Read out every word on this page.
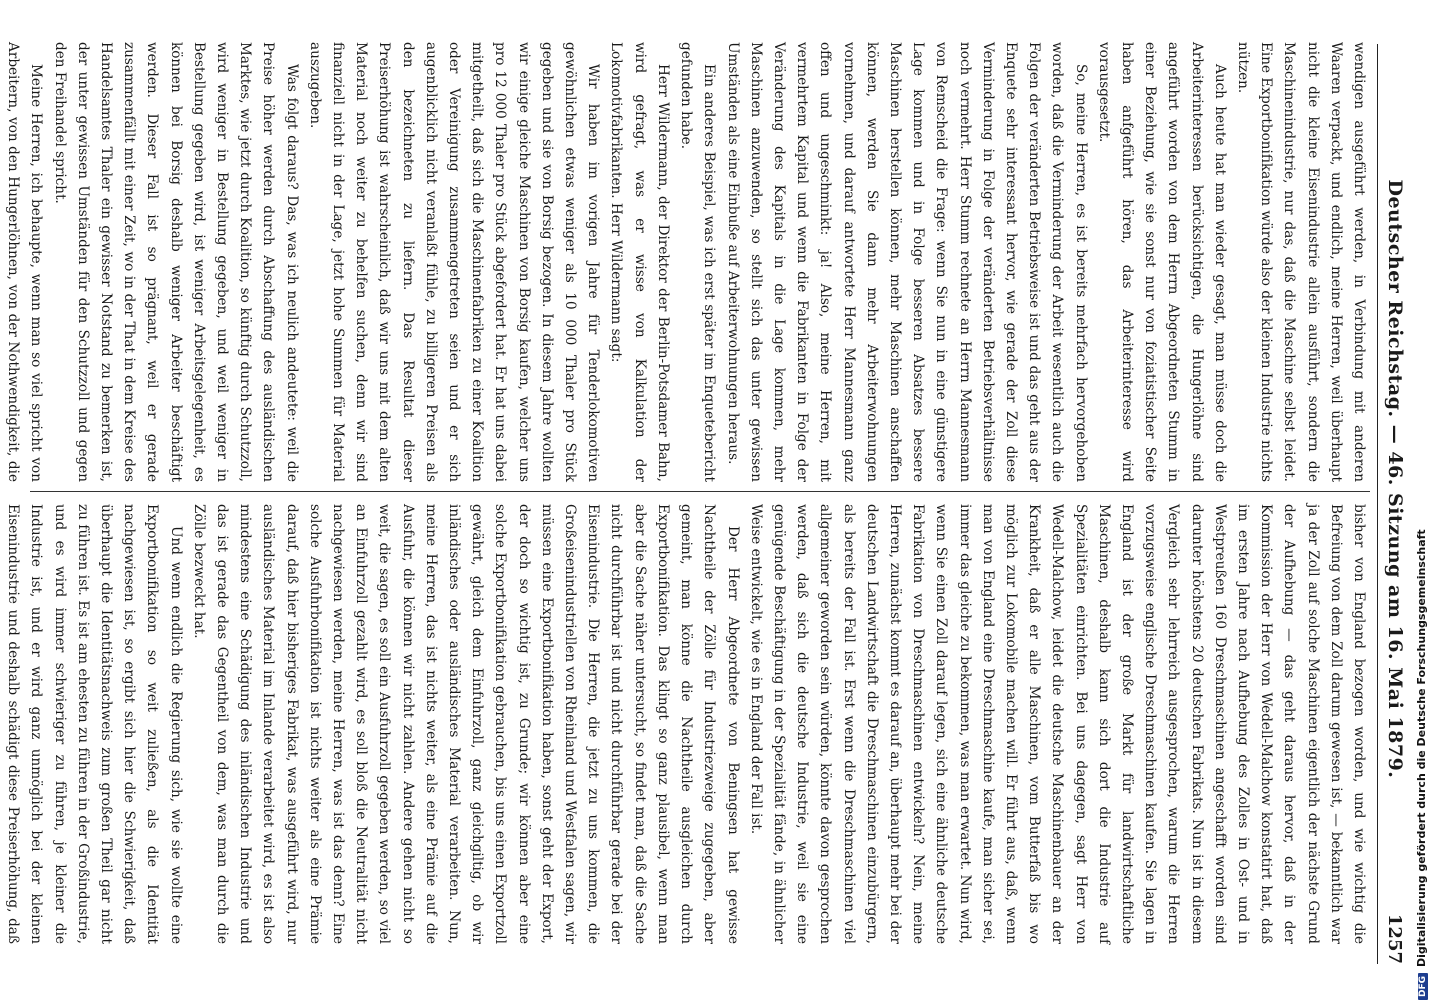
Deutscher Reichstag. — 46. Sitzung am 16. Mai 1879.
1257

wendigen ausgeführt werden, in Verbindung mit anderen Waaren verpackt, und endlich, meine Herren, weil überhaupt nicht die kleine Eisenindustrie allein ausführt, sondern die Maschinenindustrie, nur das, daß die Maschine selbst leidet. Eine Exportbonifikation würde also der kleinen Industrie nichts nützen.

Auch heute hat man wieder gesagt, man müsse doch die Arbeiterinteressen berücksichtigen, die Hungerlöhne sind angeführt worden von dem Herrn Abgeordneten Stumm in einer Beziehung, wie sie sonst nur von foziatistischer Seite haben anfgeführt hören, das Arbeiterinteresse wird vorausgesetzt.

So, meine Herren, es ist bereits mehrfach hervorgehoben worden, daß die Verminderung der Arbeit wesentlich auch die Folgen der veränderten Betriebsweise ist und das geht aus der Enquete sehr interessant hervor, wie gerade der Zoll diese Verminderung in Folge der veränderten Betriebsverhältnisse noch vermehrt. Herr Stumm rechnete an Herrn Mannesmann von Remscheid die Frage: wenn Sie nun in eine günstigere Lage kommen und in Folge besseren Absatzes bessere Maschinen herstellen können, mehr Maschinen anschaffen können, werden Sie dann mehr Arbeiterwohnungen vornehmen, und darauf antwortete Herr Mannesmann ganz offen und ungeschminkt: ja! Also, meine Herren, mit vermehrtem Kapital und wenn die Fabrikanten in Folge der Veränderung des Kapitals in die Lage kommen, mehr Maschinen anzuwenden, so stellt sich das unter gewissen Umständen als eine Einbuße auf Arbeiterwohnungen heraus.

Ein anderes Beispiel, was ich erst später im Enquetebericht gefunden habe.

Herr Wildermann, der Direktor der Berlin-Potsdamer Bahn, wird gefragt, was er wisse von Kalkulation der Lokomotivfabrikanten. Herr Wildermann sagt:

Wir haben im vorigen Jahre für Tenderlokomotiven gewöhnlichen etwas weniger als 10 000 Thaler pro Stück gegeben und sie von Borsig bezogen. In diesem Jahre wollten wir einige gleiche Maschinen von Borsig kaufen, welcher uns pro 12 000 Thaler pro Stück abgefordert hat. Er hat uns dabei mitgetheilt, daß sich die Maschinenfabriken zu einer Koalition oder Vereinigung zusammengetreten seien und er sich augenblicklich nicht veranlaßt fühle, zu billigeren Preisen als den bezeichneten zu liefern. Das Resultat dieser Preiserhöhung ist wahrscheinlich, daß wir uns mit dem alten Material noch weiter zu behelfen suchen, denn wir sind finanziell nicht in der Lage, jetzt hohe Summen für Material auszugeben.

Was folgt daraus? Das, was ich neulich andeutete: weil die Preise höher werden durch Abschaffung des ausländischen Marktes, wie jetzt durch Koalition, so künftig durch Schutzzoll, wird weniger in Bestellung gegeben, und weil weniger in Bestellung gegeben wird, ist weniger Arbeitsgelegenheit, es können bei Borsig deshalb weniger Arbeiter beschäftigt werden. Dieser Fall ist so prägnant, weil er gerade zusammenfällt mit einer Zeit, wo in der That in dem Kreise des Handelsamtes Thaler ein gewisser Notstand zu bemerken ist, der unter gewissen Umständen für den Schutzzoll und gegen den Freihandel spricht.

Meine Herren, ich behaupte, wenn man so viel spricht von Arbeitern, von den Hungerlöhnen, von der Nothwendigkeit, die

bisher von England bezogen worden, und wie wichtig die Befreiung von dem Zoll darum gewesen ist, — bekanntlich war ja der Zoll auf solche Maschinen eigentlich der nächste Grund der Aufhebung — das geht daraus hervor, daß in der Kommission der Herr von Wedell-Malchow konstatirt hat, daß im ersten Jahre nach Aufhebung des Zolles in Ost- und in Westpreußen 160 Dreschmaschinen angeschafft worden sind darunter höchstens 20 deutschen Fabrikats. Nun ist in diesem Vergleich sehr lehrreich ausgesprochen, warum die Herren vorzugsweise englische Dreschmaschinen kaufen. Sie lagen in England ist der große Markt für landwirtschaftliche Maschinen, deshalb kann sich dort die Industrie auf Spezialitäten einrichten. Bei uns dagegen, sagt Herr von Wedell-Malchow, leidet die deutsche Maschinenbauer an der Krankheit, daß er alle Maschinen, vom Butterfaß bis wo möglich zur Lokomobile machen will. Er führt aus, daß, wenn man von England eine Dreschmaschine kaufe, man sicher sei, immer das gleiche zu bekommen, was man erwartet. Nun wird, wenn Sie einen Zoll darauf legen, sich eine ähnliche deutsche Fabrikation von Dreschmaschinen entwickeln? Nein, meine Herren, zunächst kommt es darauf an, überhaupt mehr bei der deutschen Landwirtschaft die Dreschmaschinen einzubürgern, als bereits der Fall ist. Erst wenn die Dreschmaschinen viel allgemeiner geworden sein würden, könnte davon gesprochen werden, daß sich die deutsche Industrie, weil sie eine genügende Beschäftigung in der Spezialität fände, in ähnlicher Weise entwickelt, wie es in England der Fall ist.

Der Herr Abgeordnete von Beningsen hat gewisse Nachtheile der Zölle für Industriezweige zugegeben, aber gemeint, man könne die Nachtheile ausgleichen durch Exportbonifikation. Das klingt so ganz plausibel, wenn man aber die Sache näher untersucht, so findet man, daß die Sache nicht durchführbar ist und nicht durchführbar gerade bei der Eisenindustrie. Die Herren, die jetzt zu uns kommen, die Großeisenindustriellen von Rheinland und Westfalen sagen, wir müssen eine Exportbonifikation haben, sonst geht der Export, der doch so wichtig ist, zu Grunde; wir können aber eine solche Exportbonifikation gebrauchen, bis uns einen Exportzoll gewährt, gleich dem Einfuhrzoll, ganz gleichgiltig, ob wir inländisches oder ausländisches Material verarbeiten. Nun, meine Herren, das ist nichts weiter, als eine Prämie auf die Ausfuhr, die können wir nicht zahlen. Andere gehen nicht so weit, die sagen, es soll ein Ausfuhrzoll gegeben werden, so viel an Einfuhrzoll gezahlt wird, es soll bloß die Neutralität nicht nachgewiesen werden, meine Herren, was ist das denn? Eine solche Ausfuhrbonifikation ist nichts weiter als eine Prämie darauf, daß hier bisheriges Fabrikat, was ausgeführt wird, nur ausländisches Material im Inlande verarbeitet wird, es ist also mindestens eine Schädigung des inländischen Industrie und das ist gerade das Gegentheil von dem, was man durch die Zölle bezweckt hat.

Und wenn endlich die Regierung sich, wie sie wollte eine Exportbonifikation so weit zuließen, als die Identität nachgewiesen ist, so ergibt sich hier die Schwierigkeit, daß überhaupt die Identitätsnachweis zum großen Theil gar nicht zu führen ist. Es ist am ehesten zu führen in der Großindustrie, und es wird immer schwieriger zu führen, je kleiner die Industrie ist, und er wird ganz unmöglich bei der kleinen Eisenindustrie und deshalb schädigt diese Preiserhöhung, daß

DFGDigitalisierung gefördert durch die Deutsche Forschungsgemeinschaft
